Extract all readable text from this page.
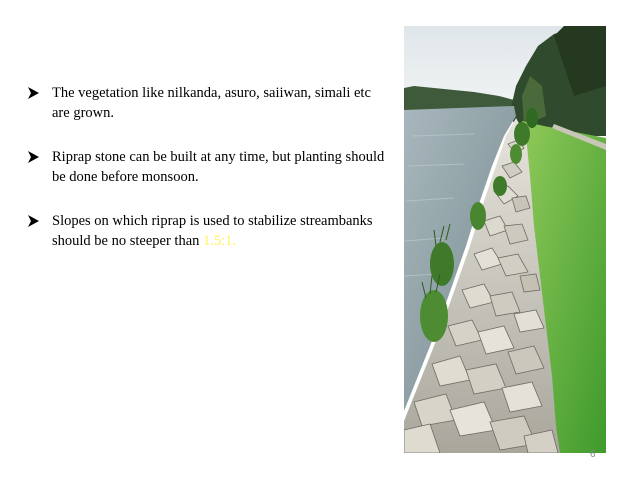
The vegetation like nilkanda, asuro, saiiwan, simali etc are grown.
Riprap stone can be built at any time, but planting should be done before monsoon.
Slopes on which riprap is used to stabilize streambanks should be no steeper than 1.5:1.
6
